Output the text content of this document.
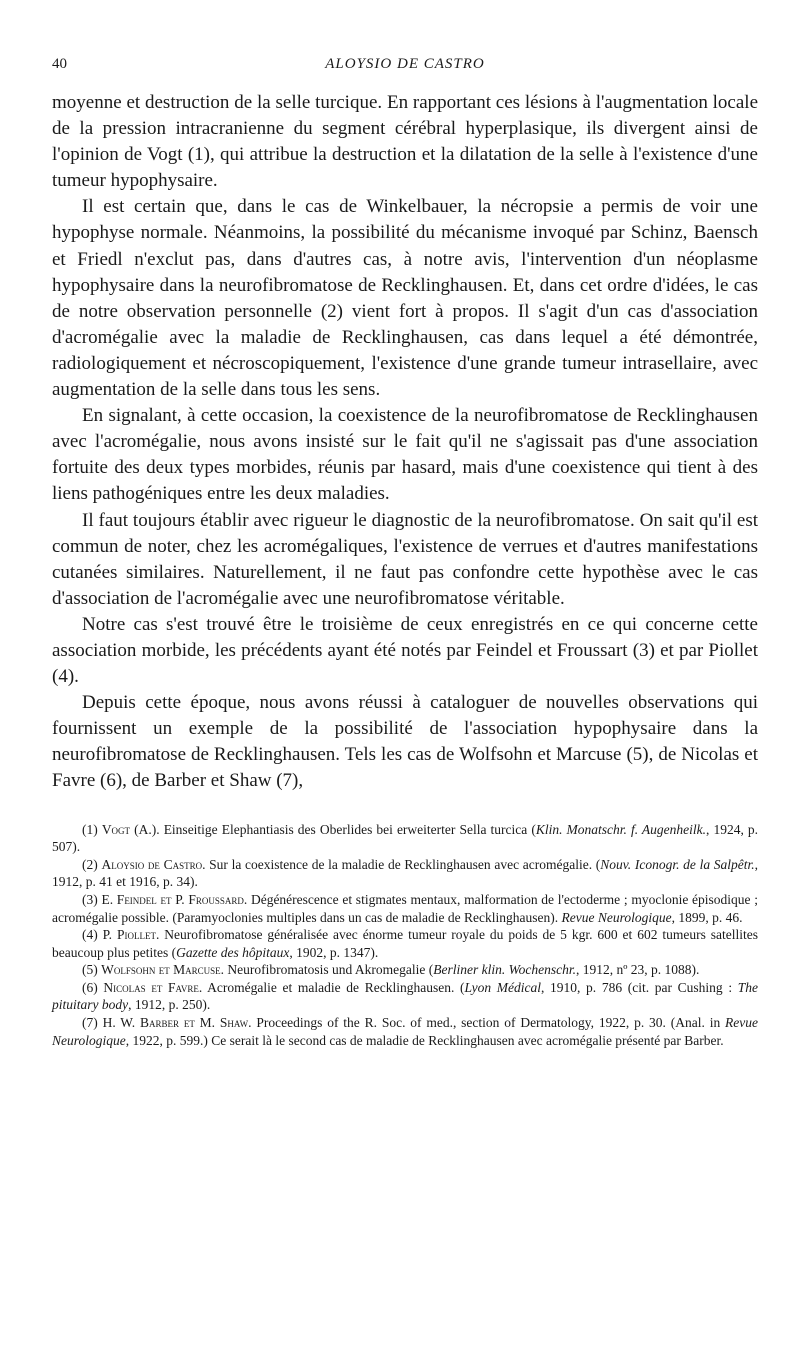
40	ALOYSIO DE CASTRO

moyenne et destruction de la selle turcique. En rapportant ces lésions à l'augmentation locale de la pression intracranienne du segment cérébral hyperplasique, ils divergent ainsi de l'opinion de Vogt (1), qui attribue la destruction et la dilatation de la selle à l'existence d'une tumeur hypophysaire.

Il est certain que, dans le cas de Winkelbauer, la nécropsie a permis de voir une hypophyse normale. Néanmoins, la possibilité du mécanisme invoqué par Schinz, Baensch et Friedl n'exclut pas, dans d'autres cas, à notre avis, l'intervention d'un néoplasme hypophysaire dans la neurofibromatose de Recklinghausen. Et, dans cet ordre d'idées, le cas de notre observation personnelle (2) vient fort à propos. Il s'agit d'un cas d'association d'acromégalie avec la maladie de Recklinghausen, cas dans lequel a été démontrée, radiologiquement et nécroscopiquement, l'existence d'une grande tumeur intrasellaire, avec augmentation de la selle dans tous les sens.

En signalant, à cette occasion, la coexistence de la neurofibromatose de Recklinghausen avec l'acromégalie, nous avons insisté sur le fait qu'il ne s'agissait pas d'une association fortuite des deux types morbides, réunis par hasard, mais d'une coexistence qui tient à des liens pathogéniques entre les deux maladies.

Il faut toujours établir avec rigueur le diagnostic de la neurofibromatose. On sait qu'il est commun de noter, chez les acromégaliques, l'existence de verrues et d'autres manifestations cutanées similaires. Naturellement, il ne faut pas confondre cette hypothèse avec le cas d'association de l'acromégalie avec une neurofibromatose véritable.

Notre cas s'est trouvé être le troisième de ceux enregistrés en ce qui concerne cette association morbide, les précédents ayant été notés par Feindel et Froussart (3) et par Piollet (4).

Depuis cette époque, nous avons réussi à cataloguer de nouvelles observations qui fournissent un exemple de la possibilité de l'association hypophysaire dans la neurofibromatose de Recklinghausen. Tels les cas de Wolfsohn et Marcuse (5), de Nicolas et Favre (6), de Barber et Shaw (7),

(1) Vogt (A.). Einseitige Elephantiasis des Oberlides bei erweiterter Sella turcica (Klin. Monatschr. f. Augenheilk., 1924, p. 507).

(2) Aloysio de Castro. Sur la coexistence de la maladie de Recklinghausen avec acromégalie. (Nouv. Iconogr. de la Salpêtr., 1912, p. 41 et 1916, p. 34).

(3) E. Feindel et P. Froussard. Dégénérescence et stigmates mentaux, malformation de l'ectoderme ; myoclonie épisodique ; acromégalie possible. (Paramyoclonies multiples dans un cas de maladie de Recklinghausen). Revue Neurologique, 1899, p. 46.

(4) P. Piollet. Neurofibromatose généralisée avec énorme tumeur royale du poids de 5 kgr. 600 et 602 tumeurs satellites beaucoup plus petites (Gazette des hôpitaux, 1902, p. 1347).

(5) Wolfsohn et Marcuse. Neurofibromatosis und Akromegalie (Berliner klin. Wochenschr., 1912, nº 23, p. 1088).

(6) Nicolas et Favre. Acromégalie et maladie de Recklinghausen. (Lyon Médical, 1910, p. 786 (cit. par Cushing : The pituitary body, 1912, p. 250).

(7) H. W. Barber et M. Shaw. Proceedings of the R. Soc. of med., section of Dermatology, 1922, p. 30. (Anal. in Revue Neurologique, 1922, p. 599.) Ce serait là le second cas de maladie de Recklinghausen avec acromégalie présenté par Barber.
